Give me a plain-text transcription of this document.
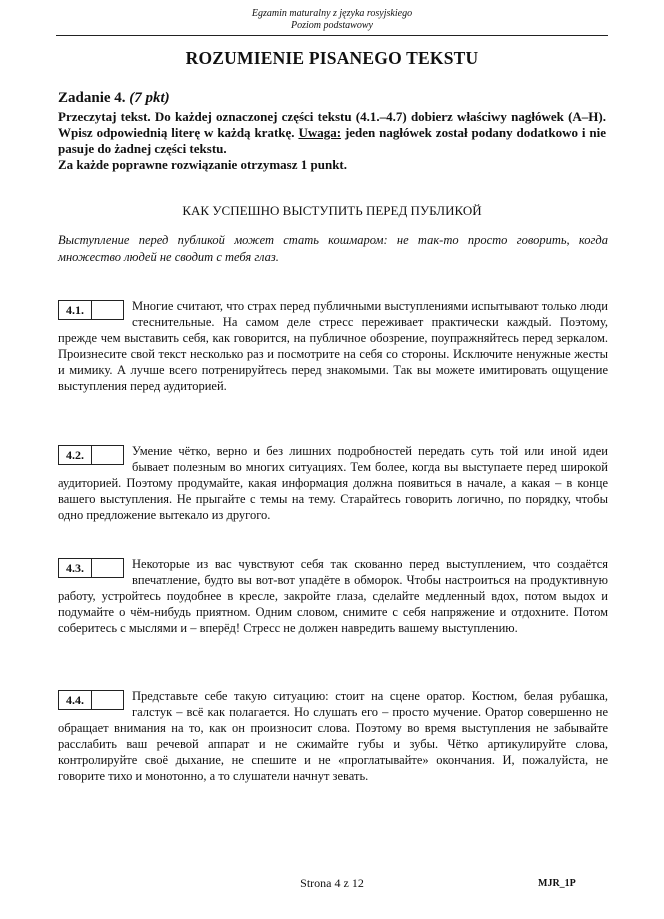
Egzamin maturalny z języka rosyjskiego
Poziom podstawowy
ROZUMIENIE PISANEGO TEKSTU
Zadanie 4. (7 pkt)
Przeczytaj tekst. Do każdej oznaczonej części tekstu (4.1.–4.7) dobierz właściwy nagłówek (A–H). Wpisz odpowiednią literę w każdą kratkę. Uwaga: jeden nagłówek został podany dodatkowo i nie pasuje do żadnej części tekstu.
Za każde poprawne rozwiązanie otrzymasz 1 punkt.
КАК УСПЕШНО ВЫСТУПИТЬ ПЕРЕД ПУБЛИКОЙ
Выступление перед публикой может стать кошмаром: не так-то просто говорить, когда множество людей не сводит с тебя глаз.
4.1.	Многие считают, что страх перед публичными выступлениями испытывают только люди стеснительные. На самом деле стресс переживает практически каждый. Поэтому, прежде чем выставить себя, как говорится, на публичное обозрение, поупражняйтесь перед зеркалом. Произнесите свой текст несколько раз и посмотрите на себя со стороны. Исключите ненужные жесты и мимику. А лучше всего потренируйтесь перед знакомыми. Так вы можете имитировать ощущение выступления перед аудиторией.
4.2.	Умение чётко, верно и без лишних подробностей передать суть той или иной идеи бывает полезным во многих ситуациях. Тем более, когда вы выступаете перед широкой аудиторией. Поэтому продумайте, какая информация должна появиться в начале, а какая – в конце вашего выступления. Не прыгайте с темы на тему. Старайтесь говорить логично, по порядку, чтобы одно предложение вытекало из другого.
4.3.	Некоторые из вас чувствуют себя так скованно перед выступлением, что создаётся впечатление, будто вы вот-вот упадёте в обморок. Чтобы настроиться на продуктивную работу, устройтесь поудобнее в кресле, закройте глаза, сделайте медленный вдох, потом выдох и подумайте о чём-нибудь приятном. Одним словом, снимите с себя напряжение и отдохните. Потом соберитесь с мыслями и – вперёд! Стресс не должен навредить вашему выступлению.
4.4.	Представьте себе такую ситуацию: стоит на сцене оратор. Костюм, белая рубашка, галстук – всё как полагается. Но слушать его – просто мучение. Оратор совершенно не обращает внимания на то, как он произносит слова. Поэтому во время выступления не забывайте расслабить ваш речевой аппарат и не сжимайте губы и зубы. Чётко артикулируйте слова, контролируйте своё дыхание, не спешите и не «проглатывайте» окончания. И, пожалуйста, не говорите тихо и монотонно, а то слушатели начнут зевать.
Strona 4 z 12	MJR_1P
